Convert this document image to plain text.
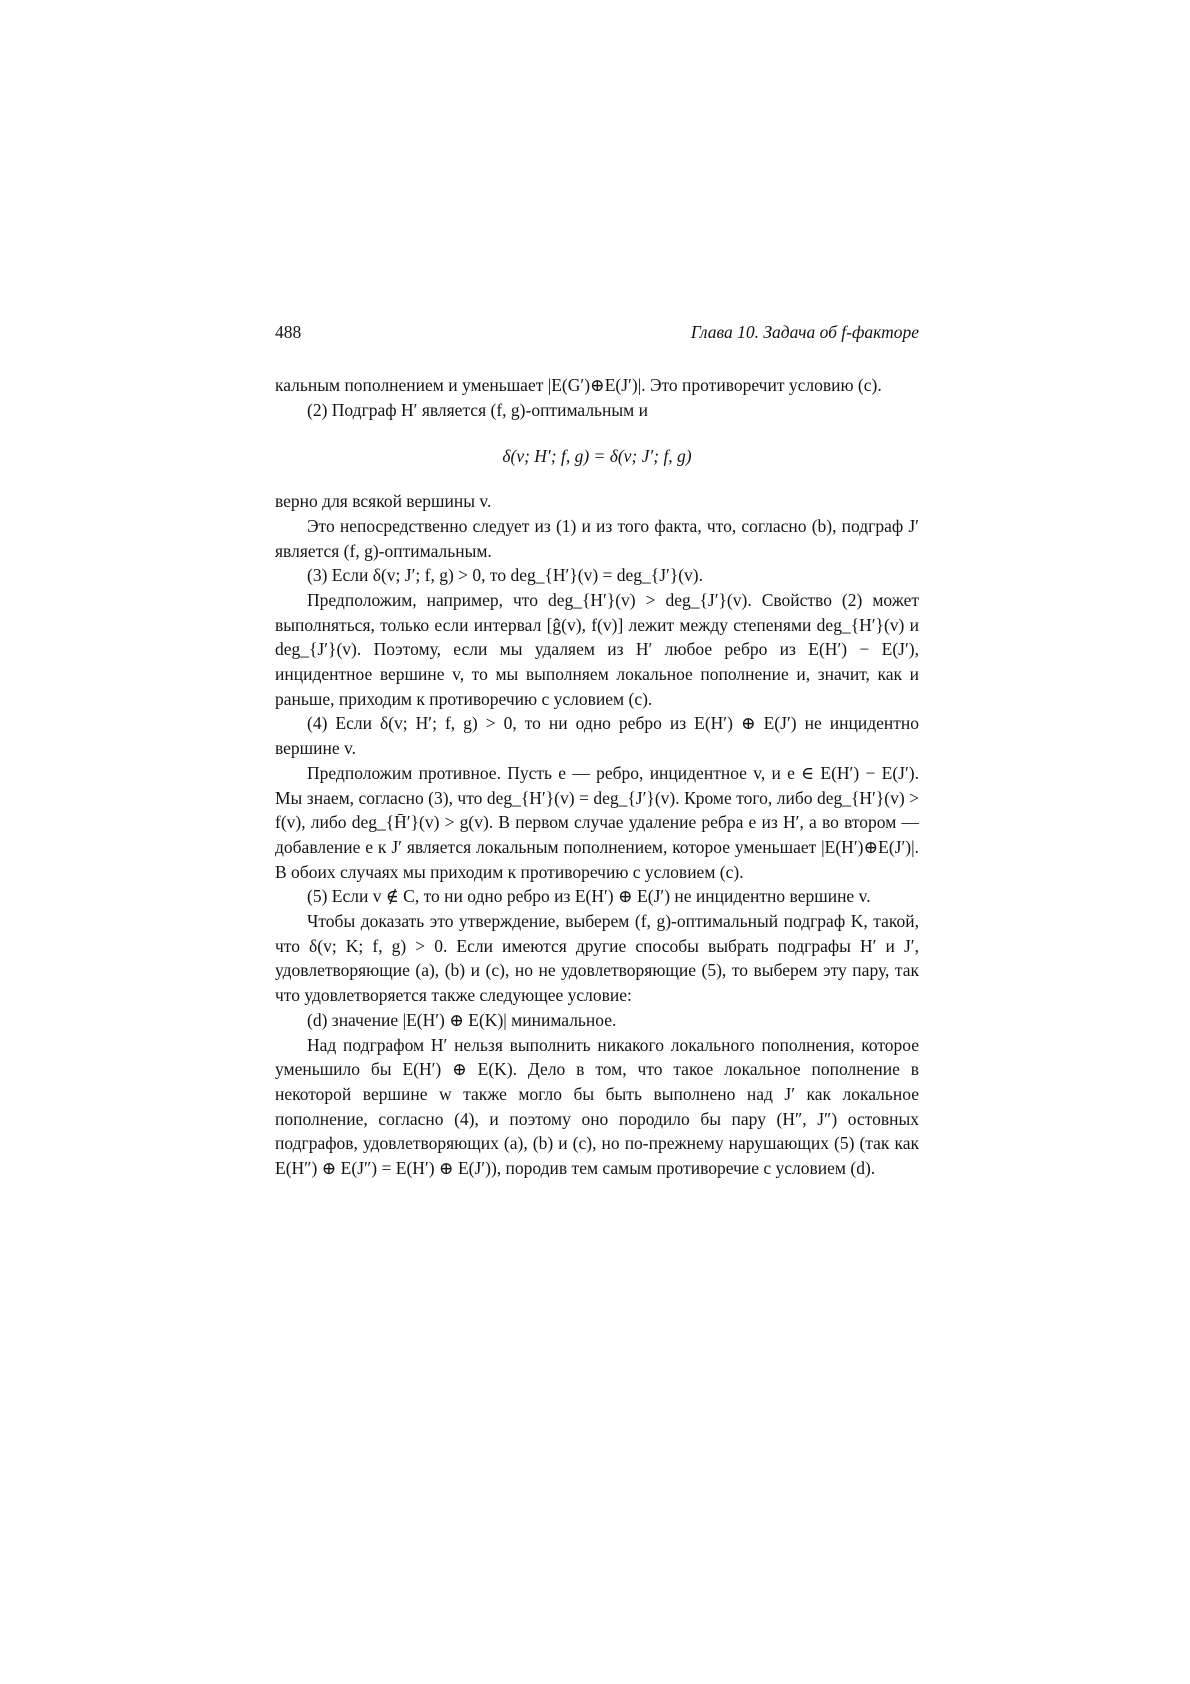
488	Глава 10. Задача об f-факторе

кальным пополнением и уменьшает |E(G′)⊕E(J′)|. Это противоречит условию (c).

(2) Подграф H′ является (f, g)-оптимальным и

δ(v; H′; f, g) = δ(v; J′; f, g)

верно для всякой вершины v.

Это непосредственно следует из (1) и из того факта, что, согласно (b), подграф J′ является (f, g)-оптимальным.

(3) Если δ(v; J′; f, g) > 0, то deg_{H′}(v) = deg_{J′}(v).

Предположим, например, что deg_{H′}(v) > deg_{J′}(v). Свойство (2) может выполняться, только если интервал [ĝ(v), f(v)] лежит между степенями deg_{H′}(v) и deg_{J′}(v). Поэтому, если мы удаляем из H′ любое ребро из E(H′) − E(J′), инцидентное вершине v, то мы выполняем локальное пополнение и, значит, как и раньше, приходим к противоречию с условием (c).

(4) Если δ(v; H′; f, g) > 0, то ни одно ребро из E(H′) ⊕ E(J′) не инцидентно вершине v.

Предположим противное. Пусть e — ребро, инцидентное v, и e ∈ E(H′) − E(J′). Мы знаем, согласно (3), что deg_{H′}(v) = deg_{J′}(v). Кроме того, либо deg_{H′}(v) > f(v), либо deg_{H̄′}(v) > g(v). В первом случае удаление ребра e из H′, а во втором — добавление e к J′ является локальным пополнением, которое уменьшает |E(H′)⊕E(J′)|. В обоих случаях мы приходим к противоречию с условием (c).

(5) Если v ∉ C, то ни одно ребро из E(H′) ⊕ E(J′) не инцидентно вершине v.

Чтобы доказать это утверждение, выберем (f, g)-оптимальный подграф K, такой, что δ(v; K; f, g) > 0. Если имеются другие способы выбрать подграфы H′ и J′, удовлетворяющие (a), (b) и (c), но не удовлетворяющие (5), то выберем эту пару, так что удовлетворяется также следующее условие:

(d) значение |E(H′) ⊕ E(K)| минимальное.

Над подграфом H′ нельзя выполнить никакого локального пополнения, которое уменьшило бы E(H′) ⊕ E(K). Дело в том, что такое локальное пополнение в некоторой вершине w также могло бы быть выполнено над J′ как локальное пополнение, согласно (4), и поэтому оно породило бы пару (H″, J″) остовных подграфов, удовлетворяющих (a), (b) и (c), но по-прежнему нарушающих (5) (так как E(H″) ⊕ E(J″) = E(H′) ⊕ E(J′)), породив тем самым противоречие с условием (d).
